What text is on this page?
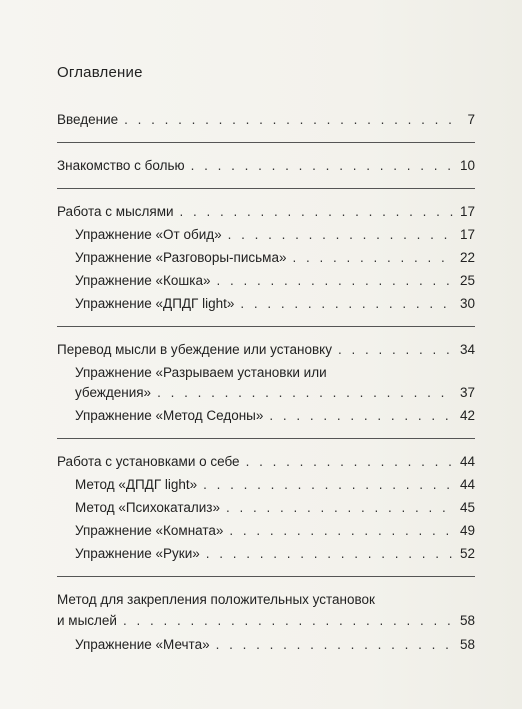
Оглавление
Введение . . .	7
Знакомство с болью . . .	10
Работа с мыслями . . .	17
Упражнение «От обид» . . .	17
Упражнение «Разговоры-письма» . . .	22
Упражнение «Кошка» . . .	25
Упражнение «ДПДГ light» . . .	30
Перевод мысли в убеждение или установку . . .	34
Упражнение «Разрываем установки или
убеждения» . . .	37
Упражнение «Метод Седоны» . . .	42
Работа с установками о себе . . .	44
Метод «ДПДГ light» . . .	44
Метод «Психокатализ» . . .	45
Упражнение «Комната» . . .	49
Упражнение «Руки» . . .	52
Метод для закрепления положительных установок
и мыслей . . .	58
Упражнение «Мечта» . . .	58
